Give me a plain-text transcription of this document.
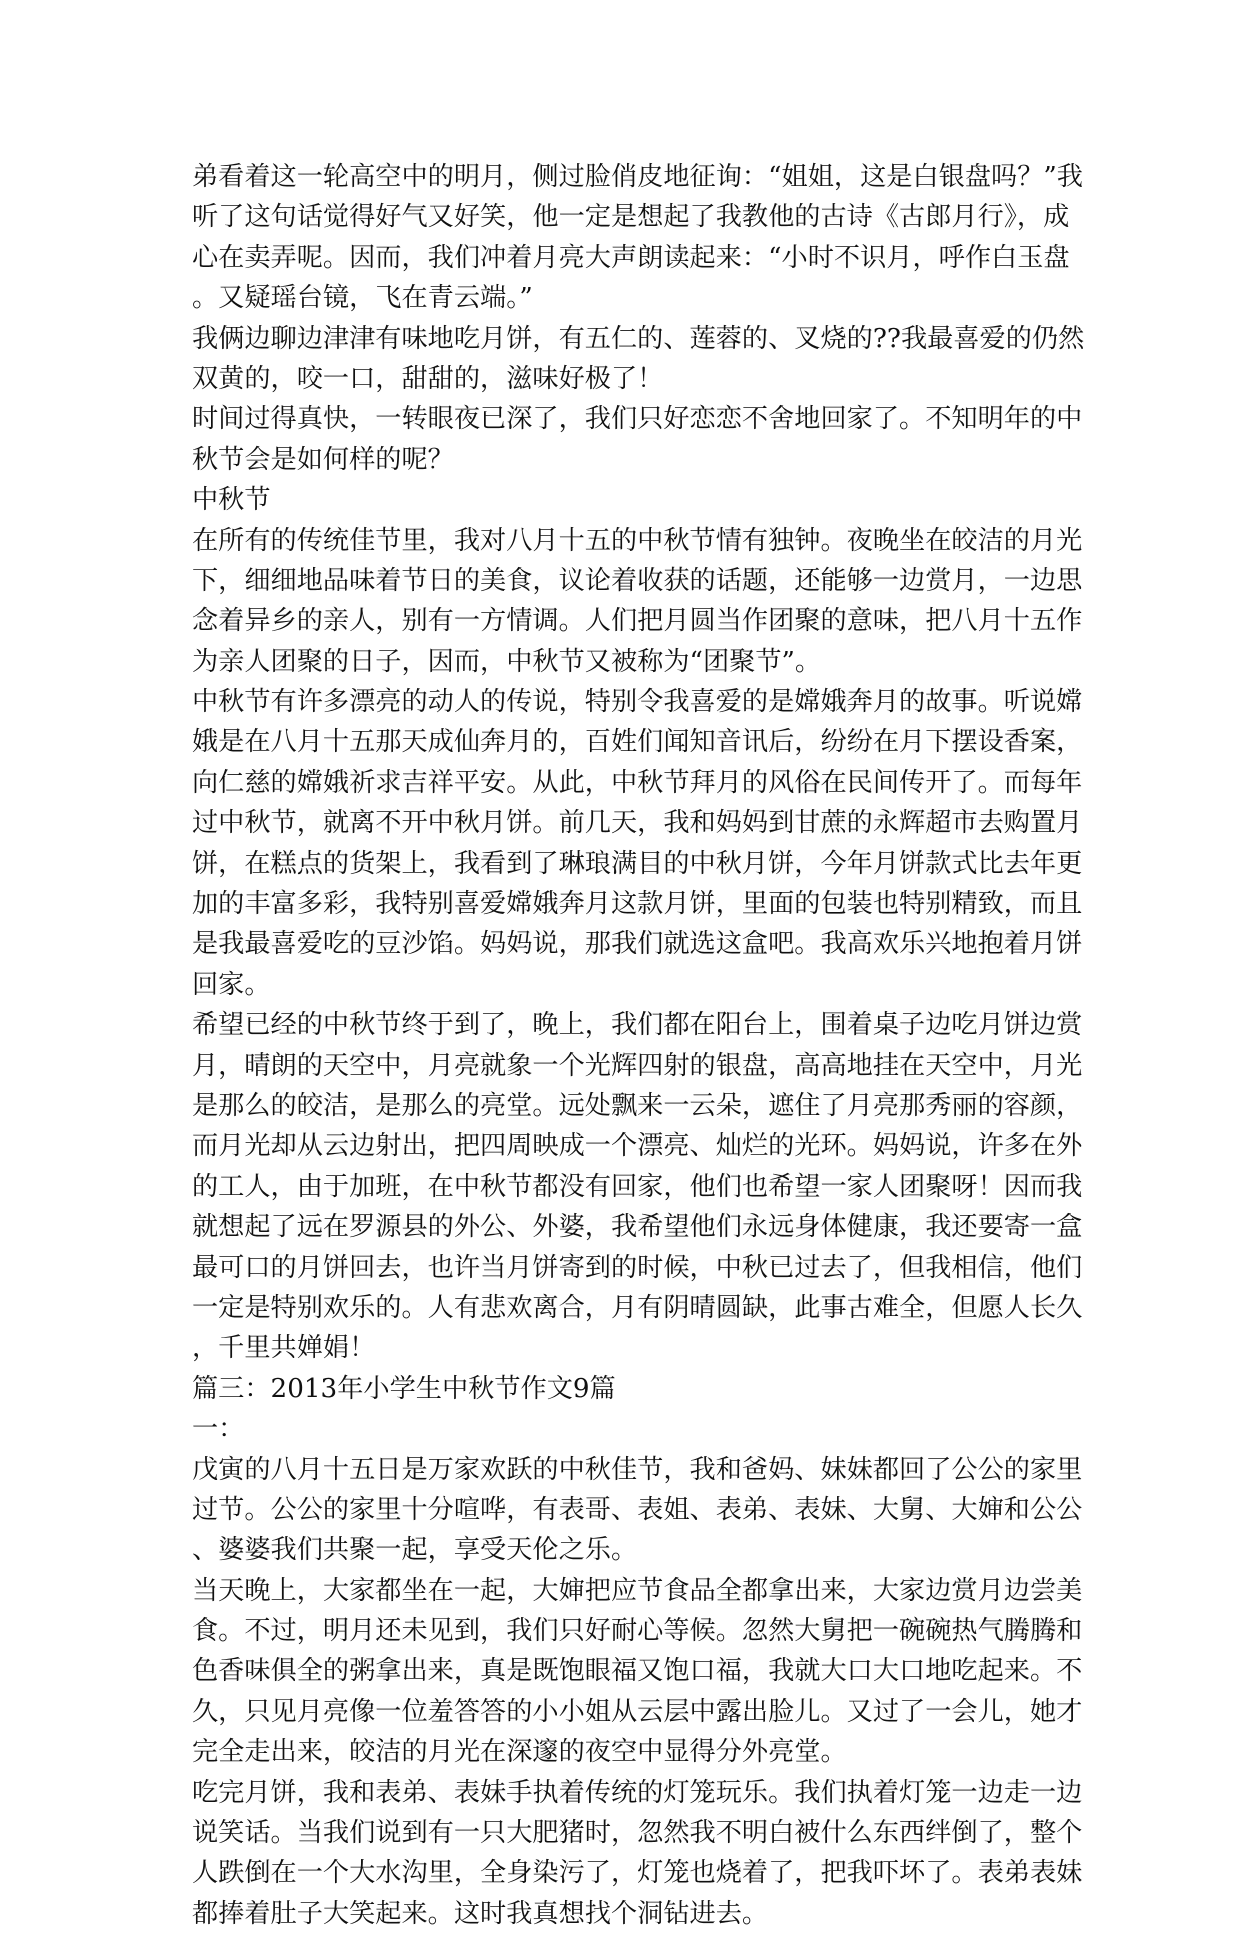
弟看着这一轮高空中的明月，侧过脸俏皮地征询：“姐姐，这是白银盘吗？”我
听了这句话觉得好气又好笑，他一定是想起了我教他的古诗《古郎月行》，成
心在卖弄呢。因而，我们冲着月亮大声朗读起来：“小时不识月，呼作白玉盘
。又疑瑶台镜，飞在青云端。”
我俩边聊边津津有味地吃月饼，有五仁的、莲蓉的、叉烧的??我最喜爱的仍然
双黄的，咬一口，甜甜的，滋味好极了！
时间过得真快，一转眼夜已深了，我们只好恋恋不舍地回家了。不知明年的中
秋节会是如何样的呢？
中秋节
在所有的传统佳节里，我对八月十五的中秋节情有独钟。夜晚坐在皎洁的月光
下，细细地品味着节日的美食，议论着收获的话题，还能够一边赏月，一边思
念着异乡的亲人，别有一方情调。人们把月圆当作团聚的意味，把八月十五作
为亲人团聚的日子，因而，中秋节又被称为“团聚节”。
中秋节有许多漂亮的动人的传说，特别令我喜爱的是嫦娥奔月的故事。听说嫦
娥是在八月十五那天成仙奔月的，百姓们闻知音讯后，纷纷在月下摆设香案，
向仁慈的嫦娥祈求吉祥平安。从此，中秋节拜月的风俗在民间传开了。而每年
过中秋节，就离不开中秋月饼。前几天，我和妈妈到甘蔗的永辉超市去购置月
饼，在糕点的货架上，我看到了琳琅满目的中秋月饼，今年月饼款式比去年更
加的丰富多彩，我特别喜爱嫦娥奔月这款月饼，里面的包装也特别精致，而且
是我最喜爱吃的豆沙馅。妈妈说，那我们就选这盒吧。我高欢乐兴地抱着月饼
回家。
希望已经的中秋节终于到了，晚上，我们都在阳台上，围着桌子边吃月饼边赏
月，晴朗的天空中，月亮就象一个光辉四射的银盘，高高地挂在天空中，月光
是那么的皎洁，是那么的亮堂。远处飘来一云朵，遮住了月亮那秀丽的容颜，
而月光却从云边射出，把四周映成一个漂亮、灿烂的光环。妈妈说，许多在外
的工人，由于加班，在中秋节都没有回家，他们也希望一家人团聚呀！因而我
就想起了远在罗源县的外公、外婆，我希望他们永远身体健康，我还要寄一盒
最可口的月饼回去，也许当月饼寄到的时候，中秋已过去了，但我相信，他们
一定是特别欢乐的。人有悲欢离合，月有阴晴圆缺，此事古难全，但愿人长久
，千里共婵娟！
篇三：2013年小学生中秋节作文9篇
一：
戊寅的八月十五日是万家欢跃的中秋佳节，我和爸妈、妹妹都回了公公的家里
过节。公公的家里十分喧哗，有表哥、表姐、表弟、表妹、大舅、大婶和公公
、婆婆我们共聚一起，享受天伦之乐。
当天晚上，大家都坐在一起，大婶把应节食品全都拿出来，大家边赏月边尝美
食。不过，明月还未见到，我们只好耐心等候。忽然大舅把一碗碗热气腾腾和
色香味俱全的粥拿出来，真是既饱眼福又饱口福，我就大口大口地吃起来。不
久，只见月亮像一位羞答答的小小姐从云层中露出脸儿。又过了一会儿，她才
完全走出来，皎洁的月光在深邃的夜空中显得分外亮堂。
吃完月饼，我和表弟、表妹手执着传统的灯笼玩乐。我们执着灯笼一边走一边
说笑话。当我们说到有一只大肥猪时，忽然我不明白被什么东西绊倒了，整个
人跌倒在一个大水沟里，全身染污了，灯笼也烧着了，把我吓坏了。表弟表妹
都捧着肚子大笑起来。这时我真想找个洞钻进去。
